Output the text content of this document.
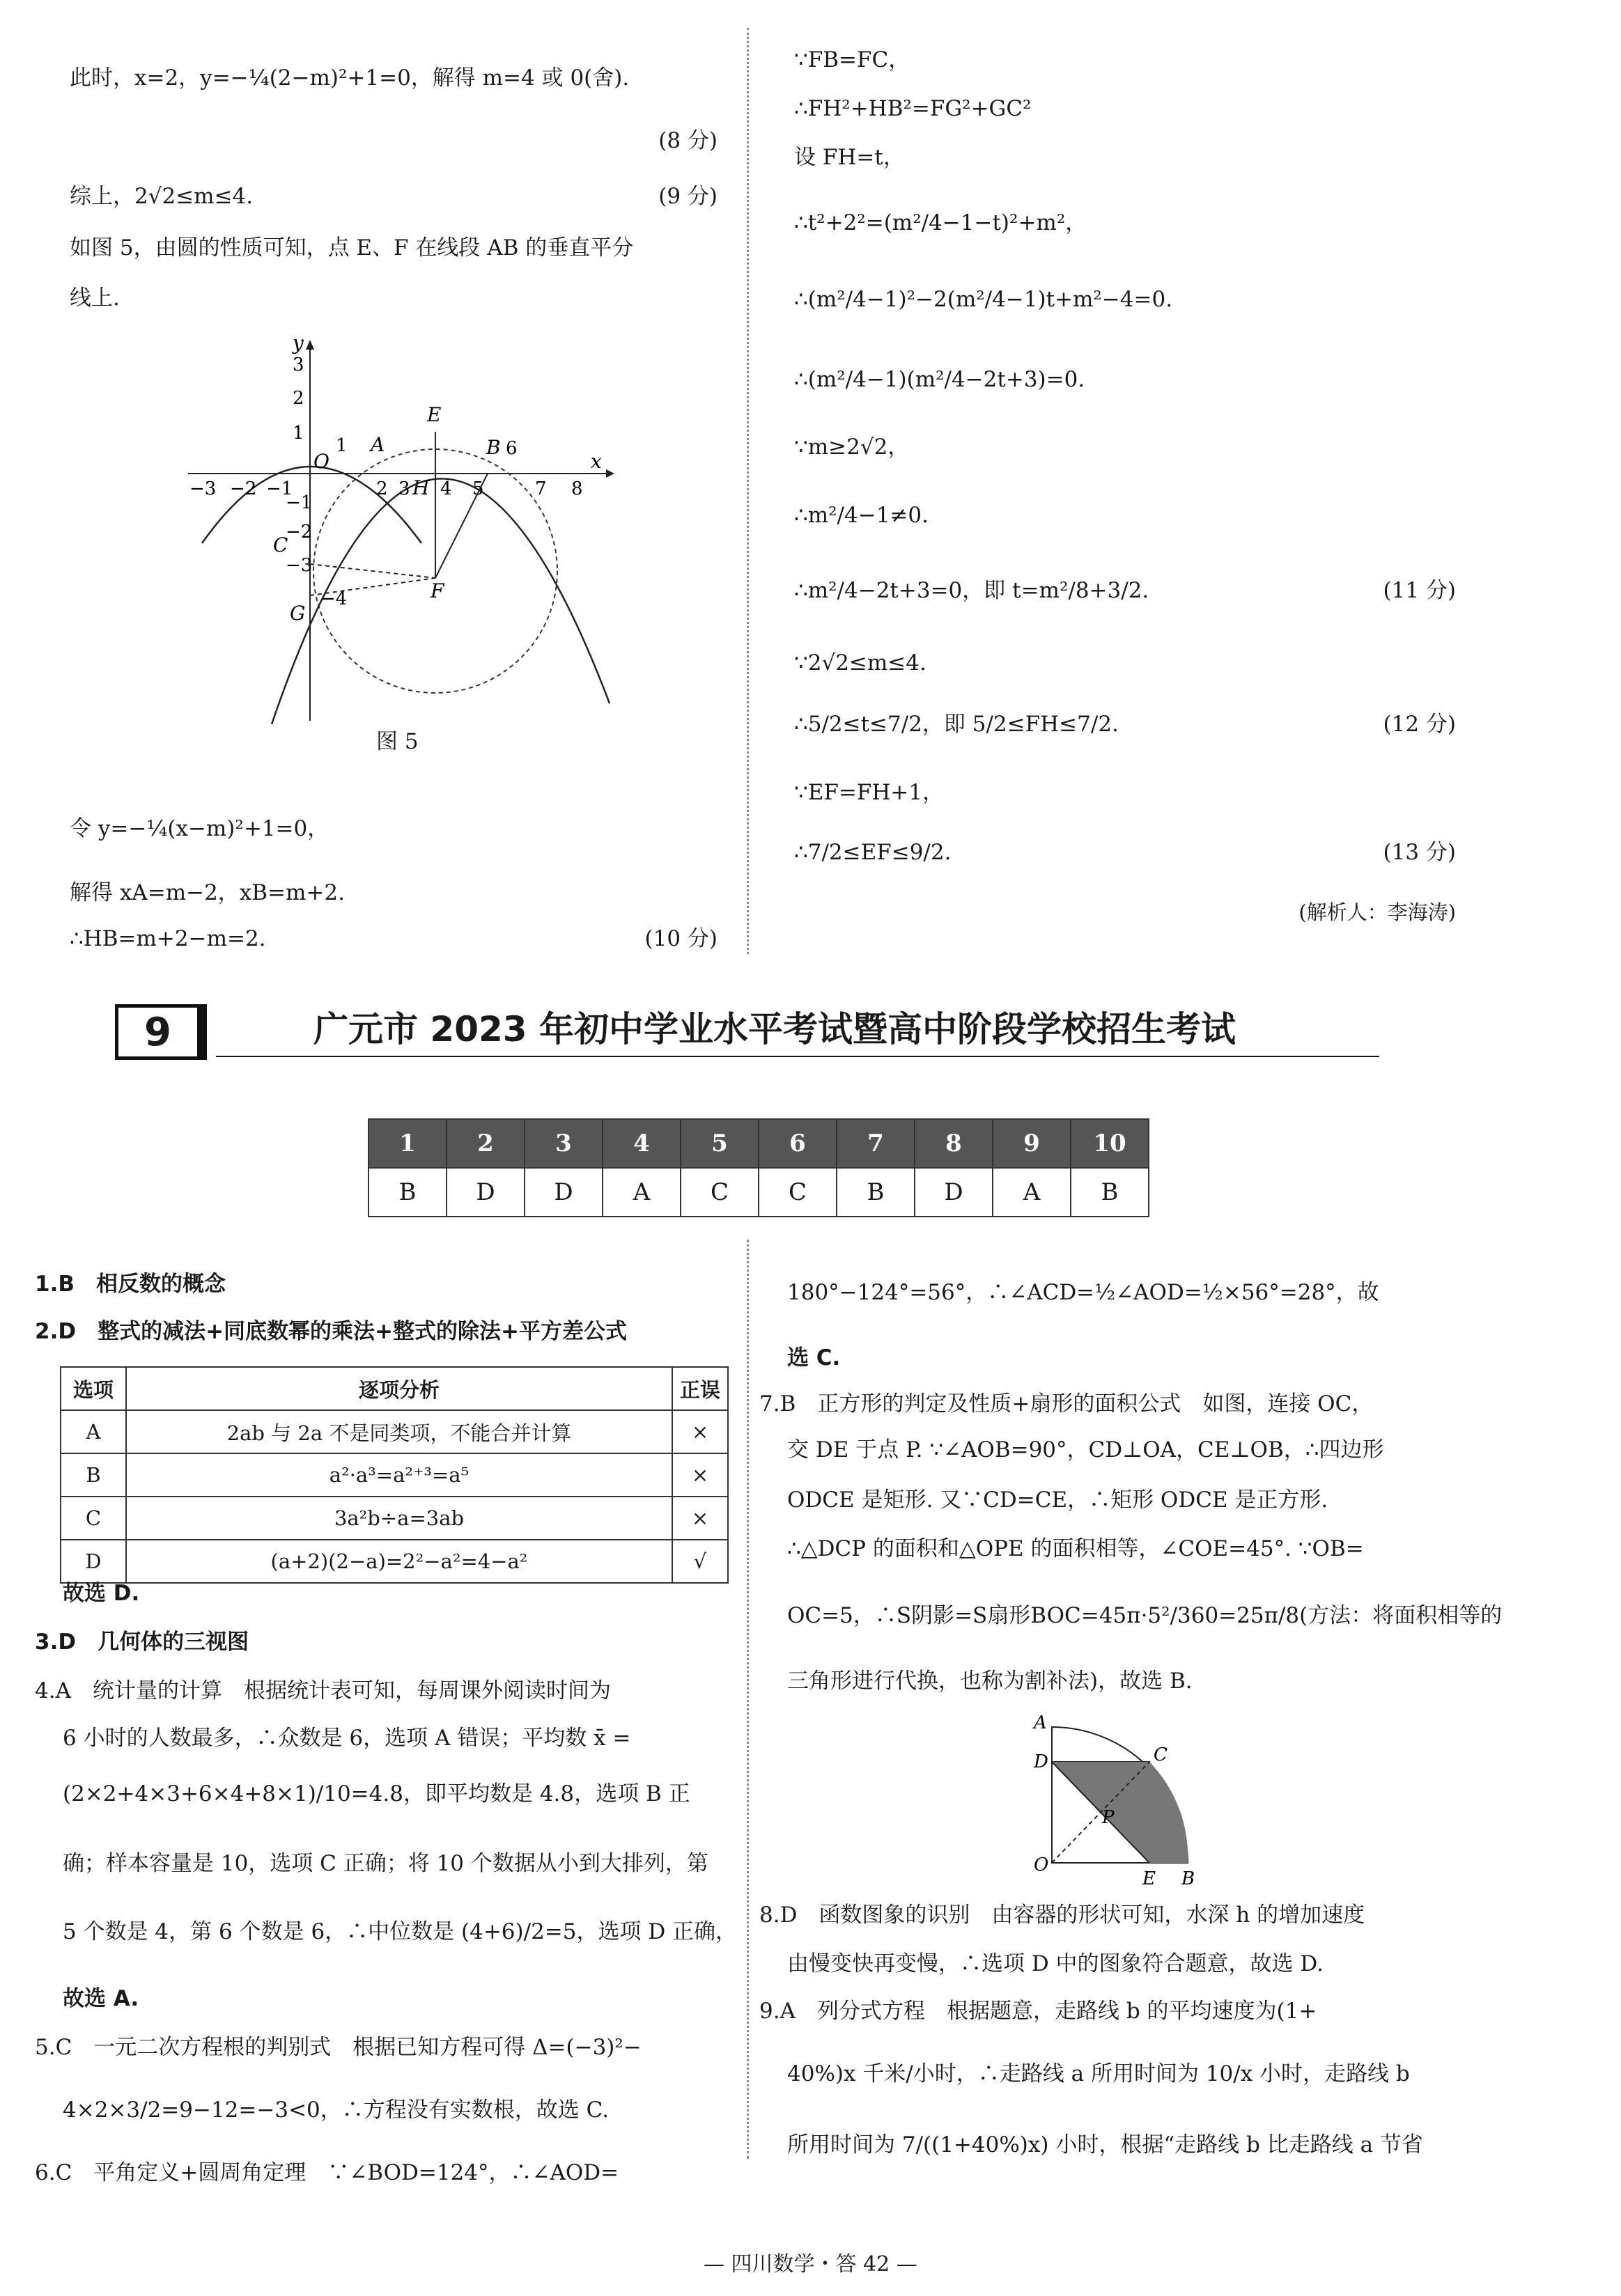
此时，x=2，y=−¼(2−m)²+1=0，解得 m=4 或 0(舍).
(8 分)
综上，2√2≤m≤4.	(9 分)
如图 5，由圆的性质可知，点 E、F 在线段 AB 的垂直平分
线上.
y
x
O
A	B
C
E
F
G
H
−3 −2 −1
1
2 3 4 5
6
7 8
3
2
1
−1
−2
−3
−4
图 5
令 y=−¼(x−m)²+1=0，
解得 xA=m−2，xB=m+2.
∴HB=m+2−m=2.	(10 分)
∵FB=FC，
∴FH²+HB²=FG²+GC²
设 FH=t，
∴t²+2²=(m²/4−1−t)²+m²，
∴(m²/4−1)²−2(m²/4−1)t+m²−4=0.
∴(m²/4−1)(m²/4−2t+3)=0.
∵m≥2√2，
∴m²/4−1≠0.
∴m²/4−2t+3=0，即 t=m²/8+3/2.	(11 分)
∵2√2≤m≤4.
∴5/2≤t≤7/2，即 5/2≤FH≤7/2.	(12 分)
∵EF=FH+1，
∴7/2≤EF≤9/2.	(13 分)
(解析人：李海涛)
9	广元市 2023 年初中学业水平考试暨高中阶段学校招生考试
1	2	3	4	5	6	7	8	9	10
B	D	D	A	C	C	B	D	A	B
1.B　相反数的概念
2.D　整式的减法+同底数幂的乘法+整式的除法+平方差公式
选项	逐项分析	正误
A	2ab 与 2a 不是同类项，不能合并计算	×
B	a²·a³=a²⁺³=a⁵	×
C	3a²b÷a=3ab	×
D	(a+2)(2−a)=2²−a²=4−a²	√
故选 D.
3.D　几何体的三视图
4.A　统计量的计算　根据统计表可知，每周课外阅读时间为
6 小时的人数最多，∴众数是 6，选项 A 错误；平均数 x̄ =
(2×2+4×3+6×4+8×1)/10=4.8，即平均数是 4.8，选项 B 正
确；样本容量是 10，选项 C 正确；将 10 个数据从小到大排列，第
5 个数是 4，第 6 个数是 6，∴中位数是 (4+6)/2=5，选项 D 正确，
故选 A.
5.C　一元二次方程根的判别式　根据已知方程可得 Δ=(−3)²−
4×2×3/2=9−12=−3<0，∴方程没有实数根，故选 C.
6.C　平角定义+圆周角定理　∵∠BOD=124°，∴∠AOD=
180°−124°=56°，∴∠ACD=½∠AOD=½×56°=28°，故
选 C.
7.B　正方形的判定及性质+扇形的面积公式　如图，连接 OC，
交 DE 于点 P. ∵∠AOB=90°，CD⊥OA，CE⊥OB，∴四边形
ODCE 是矩形. 又∵CD=CE，∴矩形 ODCE 是正方形.
∴△DCP 的面积和△OPE 的面积相等，∠COE=45°. ∵OB=
OC=5，∴S阴影=S扇形BOC=45π·5²/360=25π/8(方法：将面积相等的
三角形进行代换，也称为割补法)，故选 B.
A
D	C
O
E B
P
8.D　函数图象的识别　由容器的形状可知，水深 h 的增加速度
由慢变快再变慢，∴选项 D 中的图象符合题意，故选 D.
9.A　列分式方程　根据题意，走路线 b 的平均速度为(1+
40%)x 千米/小时，∴走路线 a 所用时间为 10/x 小时，走路线 b
所用时间为 7/((1+40%)x) 小时，根据“走路线 b 比走路线 a 节省
— 四川数学・答 42 —
